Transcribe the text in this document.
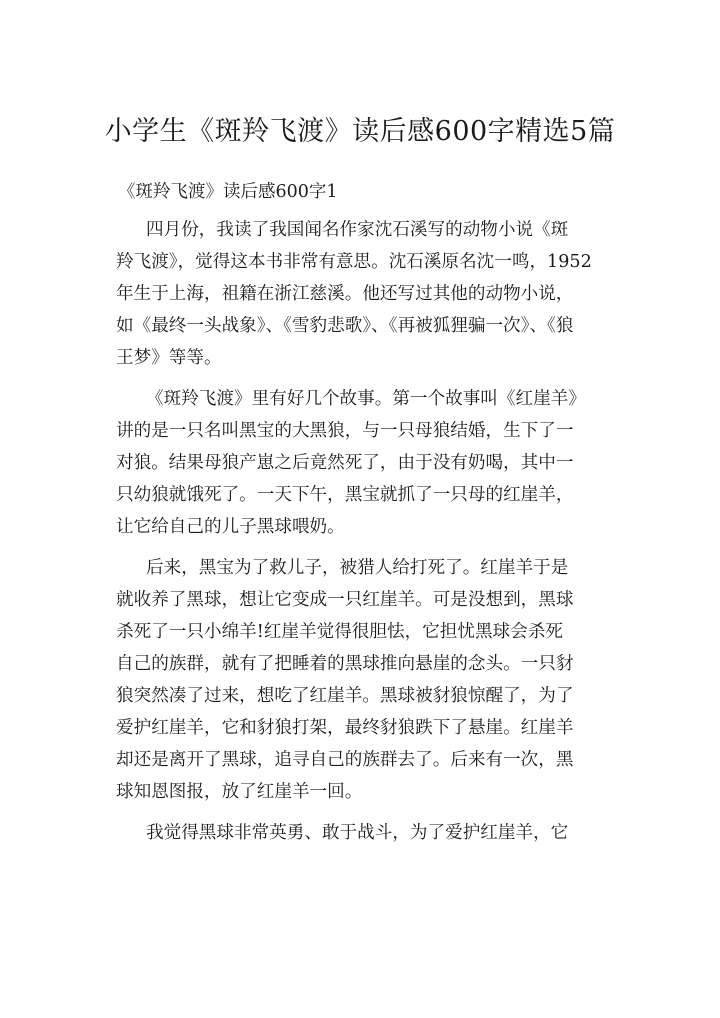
小学生《斑羚飞渡》读后感600字精选5篇

《斑羚飞渡》读后感600字1

四月份，我读了我国闻名作家沈石溪写的动物小说《斑
羚飞渡》，觉得这本书非常有意思。沈石溪原名沈一鸣，1952
年生于上海，祖籍在浙江慈溪。他还写过其他的动物小说，
如《最终一头战象》、《雪豹悲歌》、《再被狐狸骗一次》、《狼
王梦》等等。

《斑羚飞渡》里有好几个故事。第一个故事叫《红崖羊》
讲的是一只名叫黑宝的大黑狼，与一只母狼结婚，生下了一
对狼。结果母狼产崽之后竟然死了，由于没有奶喝，其中一
只幼狼就饿死了。一天下午，黑宝就抓了一只母的红崖羊，
让它给自己的儿子黑球喂奶。

后来，黑宝为了救儿子，被猎人给打死了。红崖羊于是
就收养了黑球，想让它变成一只红崖羊。可是没想到，黑球
杀死了一只小绵羊!红崖羊觉得很胆怯，它担忧黑球会杀死
自己的族群，就有了把睡着的黑球推向悬崖的念头。一只豺
狼突然凑了过来，想吃了红崖羊。黑球被豺狼惊醒了，为了
爱护红崖羊，它和豺狼打架，最终豺狼跌下了悬崖。红崖羊
却还是离开了黑球，追寻自己的族群去了。后来有一次，黑
球知恩图报，放了红崖羊一回。

我觉得黑球非常英勇、敢于战斗，为了爱护红崖羊，它
